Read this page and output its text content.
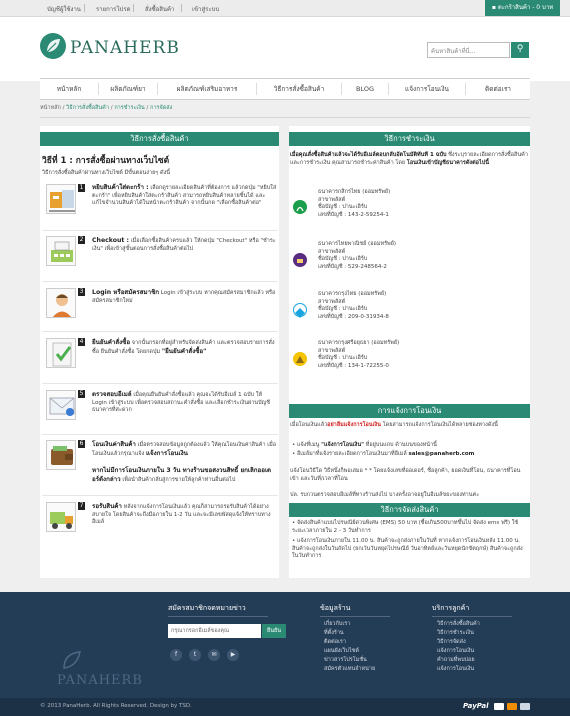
บัญชีผู้ใช้งาน	รายการโปรด สั่งซื้อสินค้า	เข้าสู่ระบบ	▪ ตะกร้าสินค้า - 0 บาท
PANAHERB	ค้นหาสินค้าที่นี่...	⚲
หน้าหลัก	ผลิตภัณฑ์ยา	ผลิตภัณฑ์เสริมอาหาร	วิธีการสั่งซื้อสินค้า	BLOG	แจ้งการโอนเงิน	ติดต่อเรา
หน้าหลัก / วิธีการสั่งซื้อสินค้า / การชำระเงิน / การจัดส่ง
วิธีการสั่งซื้อสินค้า
วิธีที่ 1 : การสั่งซื้อผ่านทางเว็บไซต์
วิธีการสั่งซื้อสินค้าผ่านทางเว็บไซต์ มีขั้นตอนง่ายๆ ดังนี้
1 หยิบสินค้าใส่ตะกร้า : เลือกดูรายละเอียดสินค้าที่ต้องการ แล้วกดปุ่ม "หยิบใส่ตะกร้า" เพื่อหยิบสินค้าใส่ตะกร้าสินค้า สามารถหยิบสินค้าหลายชิ้นได้ และแก้ไขจำนวนสินค้าได้ในหน้าตะกร้าสินค้า จากนั้นกด "เลือกซื้อสินค้าต่อ"
2 Checkout : เมื่อเลือกซื้อสินค้าครบแล้ว ให้กดปุ่ม "Checkout" หรือ "ชำระเงิน" เพื่อเข้าสู่ขั้นตอนการสั่งซื้อสินค้าต่อไป
3 Login หรือสมัครสมาชิก Login เข้าสู่ระบบ หากคุณสมัครสมาชิกแล้ว หรือสมัครสมาชิกใหม่
4 ยืนยันคำสั่งซื้อ จากนั้นกรอกที่อยู่สำหรับจัดส่งสินค้า และตรวจสอบรายการสั่งซื้อ ยืนยันคำสั่งซื้อ โดยกดปุ่ม "ยืนยันคำสั่งซื้อ"
5 ตรวจสอบอีเมล์ เมื่อคุณยืนยันคำสั่งซื้อแล้ว คุณจะได้รับอีเมล์ 1 ฉบับ ให้ Login เข้าสู่ระบบ เพื่อตรวจสอบสถานะคำสั่งซื้อ และเลือกชำระเงินผ่านบัญชีธนาคารที่สะดวก
6 โอนเงินค่าสินค้า เมื่อตรวจสอบข้อมูลถูกต้องแล้ว ให้คุณโอนเงินค่าสินค้า เมื่อโอนเงินแล้วกรุณาแจ้ง แจ้งการโอนเงิน
หากไม่มีการโอนเงินภายใน 3 วัน ทางร้านขอสงวนสิทธิ์ ยกเลิกออเดอร์ดังกล่าว เพื่อนำสินค้ากลับสู่การขายให้ลูกค้าท่านอื่นต่อไป
7 รอรับสินค้า หลังจากแจ้งการโอนเงินแล้ว คุณก็สามารถรอรับสินค้าได้อย่างสบายใจ โดยสินค้าจะถึงมือภายใน 1-2 วัน และจะมีเลขพัสดุแจ้งให้ทราบทางอีเมล์
วิธีการชำระเงิน
เมื่อคุณสั่งซื้อสินค้าแล้วจะได้รับอีเมล์ตอบกลับอัตโนมัติทันที 1 ฉบับ ซึ่งระบุรายละเอียดการสั่งซื้อสินค้า และการชำระเงิน คุณสามารถชำระค่าสินค้า โดย โอนเงินเข้าบัญชีธนาคารดังต่อไปนี้
ธนาคารกสิกรไทย (ออมทรัพย์)
สาขาพลัสต์
ชื่อบัญชี : ปานะเฮิร์บ
เลขที่บัญชี : 143-2-59254-1
ธนาคารไทยพาณิชย์ (ออมทรัพย์)
สาขาพลัสต์
ชื่อบัญชี : ปานะเฮิร์บ
เลขที่บัญชี : 529-248564-2
ธนาคารกรุงไทย (ออมทรัพย์)
สาขาพลัสต์
ชื่อบัญชี : ปานะเฮิร์บ
เลขที่บัญชี : 209-0-31934-8
ธนาคารกรุงศรีอยุธยา (ออมทรัพย์)
สาขาพลัสต์
ชื่อบัญชี : ปานะเฮิร์บ
เลขที่บัญชี : 134-1-72255-0
การแจ้งการโอนเงิน
เมื่อโอนเงินแล้วอย่าลืมแจ้งการโอนเงิน โดยสามารถแจ้งการโอนเงินได้หลายช่องทางดังนี้
• แจ้งที่เมนู "แจ้งการโอนเงิน" ที่อยู่บนแถบ ด้านบนของหน้านี้
• อีเมล์มาที่แจ้งรายละเอียดการโอนเงินมาที่อีเมล์ sales@panaherb.com
แจ้งโอนวิธีใด วิธีหนึ่งก็พอเสมอ * * โดยแจ้งเลขที่ออเดอร์, ชื่อลูกค้า, ยอดเงินที่โอน, ธนาคารที่โอนเข้า และวันที่/เวลาที่โอน
ปล. รบกวนตรวจสอบอีเมล์ที่ทางร้านส่งไป บางครั้งอาจอยู่ในอีเมล์ขยะของท่านค่ะ
วิธีการจัดส่งสินค้า
• จัดส่งสินค้าแบบไปรษณีย์ด่วนพิเศษ (EMS) 50 บาท (ซื้อเกิน500บาทขึ้นไป จัดส่ง ems ฟรี) ใช้ระยะเวลาภายใน 2 - 3 วันทำการ
• แจ้งการโอนเงินภายใน 11.00 น. สินค้าจะถูกส่งภายในวันที่ หากแจ้งการโอนเงินหลัง 11.00 น. สินค้าจะถูกส่งในวันถัดไป (ยกเว้นวันหยุดไปรษณีย์ วันอาทิตย์และวันหยุดนักขัตฤกษ์) สินค้าจะถูกส่งในวันทำการ
PANAHERB
สมัครสมาชิกจดหมายข่าว
กรุณากรอกอีเมล์ของคุณ	ยืนยัน
f	t	✉	▶
ข้อมูลร้าน
เกี่ยวกับเรา
ที่ตั้งร้าน
ติดต่อเรา
แผนผังเว็บไซต์
ข่าวสารโปรโมชั่น
สมัครตัวแทนจำหน่าย
บริการลูกค้า
วิธีการสั่งซื้อสินค้า
วิธีการชำระเงิน
วิธีการจัดส่ง
แจ้งการโอนเงิน
คำถามที่พบบ่อย
แจ้งการโอนเงิน
© 2013 PanaHerb. All Rights Reserved. Design by TSD.	PayPal
